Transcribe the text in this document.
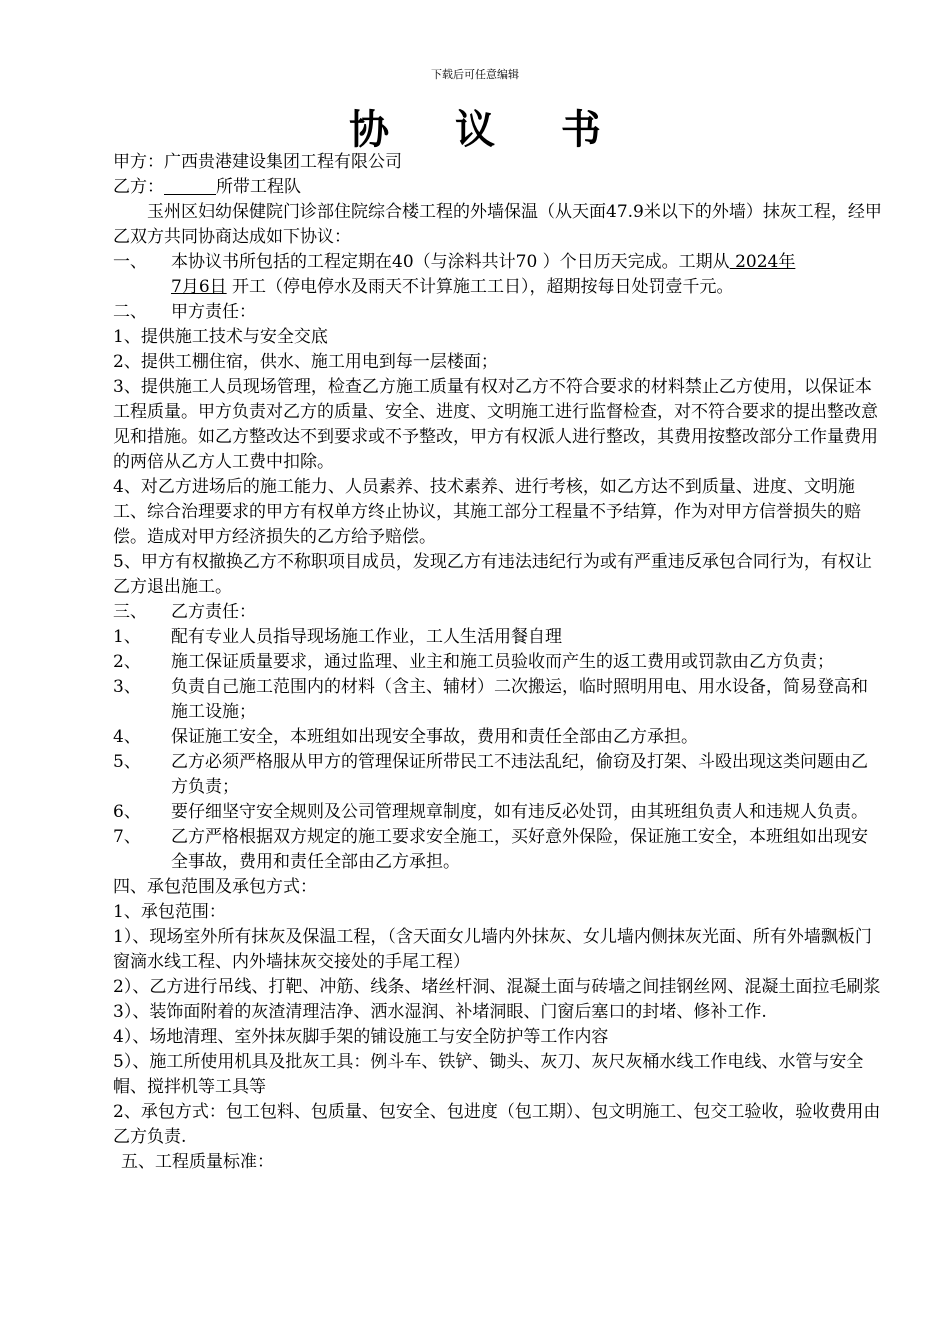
下载后可任意编辑
协 议 书
甲方：广西贵港建设集团工程有限公司
乙方：	所带工程队
玉州区妇幼保健院门诊部住院综合楼工程的外墙保温（从天面47.9米以下的外墙）抹灰工程，经甲乙双方共同协商达成如下协议：
一、	本协议书所包括的工程定期在40（与涂料共计70 ）个日历天完成。工期从 2024年
7月6日 开工（停电停水及雨天不计算施工工日），超期按每日处罚壹千元。
二、	甲方责任：
1、提供施工技术与安全交底
2、提供工棚住宿，供水、施工用电到每一层楼面；
3、提供施工人员现场管理，检查乙方施工质量有权对乙方不符合要求的材料禁止乙方使用，以保证本工程质量。甲方负责对乙方的质量、安全、进度、文明施工进行监督检查，对不符合要求的提出整改意见和措施。如乙方整改达不到要求或不予整改，甲方有权派人进行整改，其费用按整改部分工作量费用的两倍从乙方人工费中扣除。
4、对乙方进场后的施工能力、人员素养、技术素养、进行考核，如乙方达不到质量、进度、文明施工、综合治理要求的甲方有权单方终止协议，其施工部分工程量不予结算，作为对甲方信誉损失的赔偿。造成对甲方经济损失的乙方给予赔偿。
5、甲方有权撤换乙方不称职项目成员，发现乙方有违法违纪行为或有严重违反承包合同行为，有权让乙方退出施工。
三、	乙方责任：
1、	配有专业人员指导现场施工作业，工人生活用餐自理
2、	施工保证质量要求，通过监理、业主和施工员验收而产生的返工费用或罚款由乙方负责；
3、	负责自己施工范围内的材料（含主、辅材）二次搬运，临时照明用电、用水设备，简易登高和施工设施；
4、	保证施工安全，本班组如出现安全事故，费用和责任全部由乙方承担。
5、	乙方必须严格服从甲方的管理保证所带民工不违法乱纪，偷窃及打架、斗殴出现这类问题由乙方负责；
6、	要仔细坚守安全规则及公司管理规章制度，如有违反必处罚，由其班组负责人和违规人负责。
7、	乙方严格根据双方规定的施工要求安全施工，买好意外保险，保证施工安全，本班组如出现安全事故，费用和责任全部由乙方承担。
四、承包范围及承包方式：
1、承包范围：
1）、现场室外所有抹灰及保温工程，（含天面女儿墙内外抹灰、女儿墙内侧抹灰光面、所有外墙飘板门窗滴水线工程、内外墙抹灰交接处的手尾工程）
2）、乙方进行吊线、打靶、冲筋、线条、堵丝杆洞、混凝土面与砖墙之间挂钢丝网、混凝土面拉毛刷浆
3）、装饰面附着的灰渣清理洁净、洒水湿润、补堵洞眼、门窗后塞口的封堵、修补工作.
4）、场地清理、室外抹灰脚手架的铺设施工与安全防护等工作内容
5）、施工所使用机具及批灰工具：例斗车、铁铲、锄头、灰刀、灰尺灰桶水线工作电线、水管与安全帽、搅拌机等工具等
2、承包方式：包工包料、包质量、包安全、包进度（包工期）、包文明施工、包交工验收，验收费用由乙方负责.
五、工程质量标准：
